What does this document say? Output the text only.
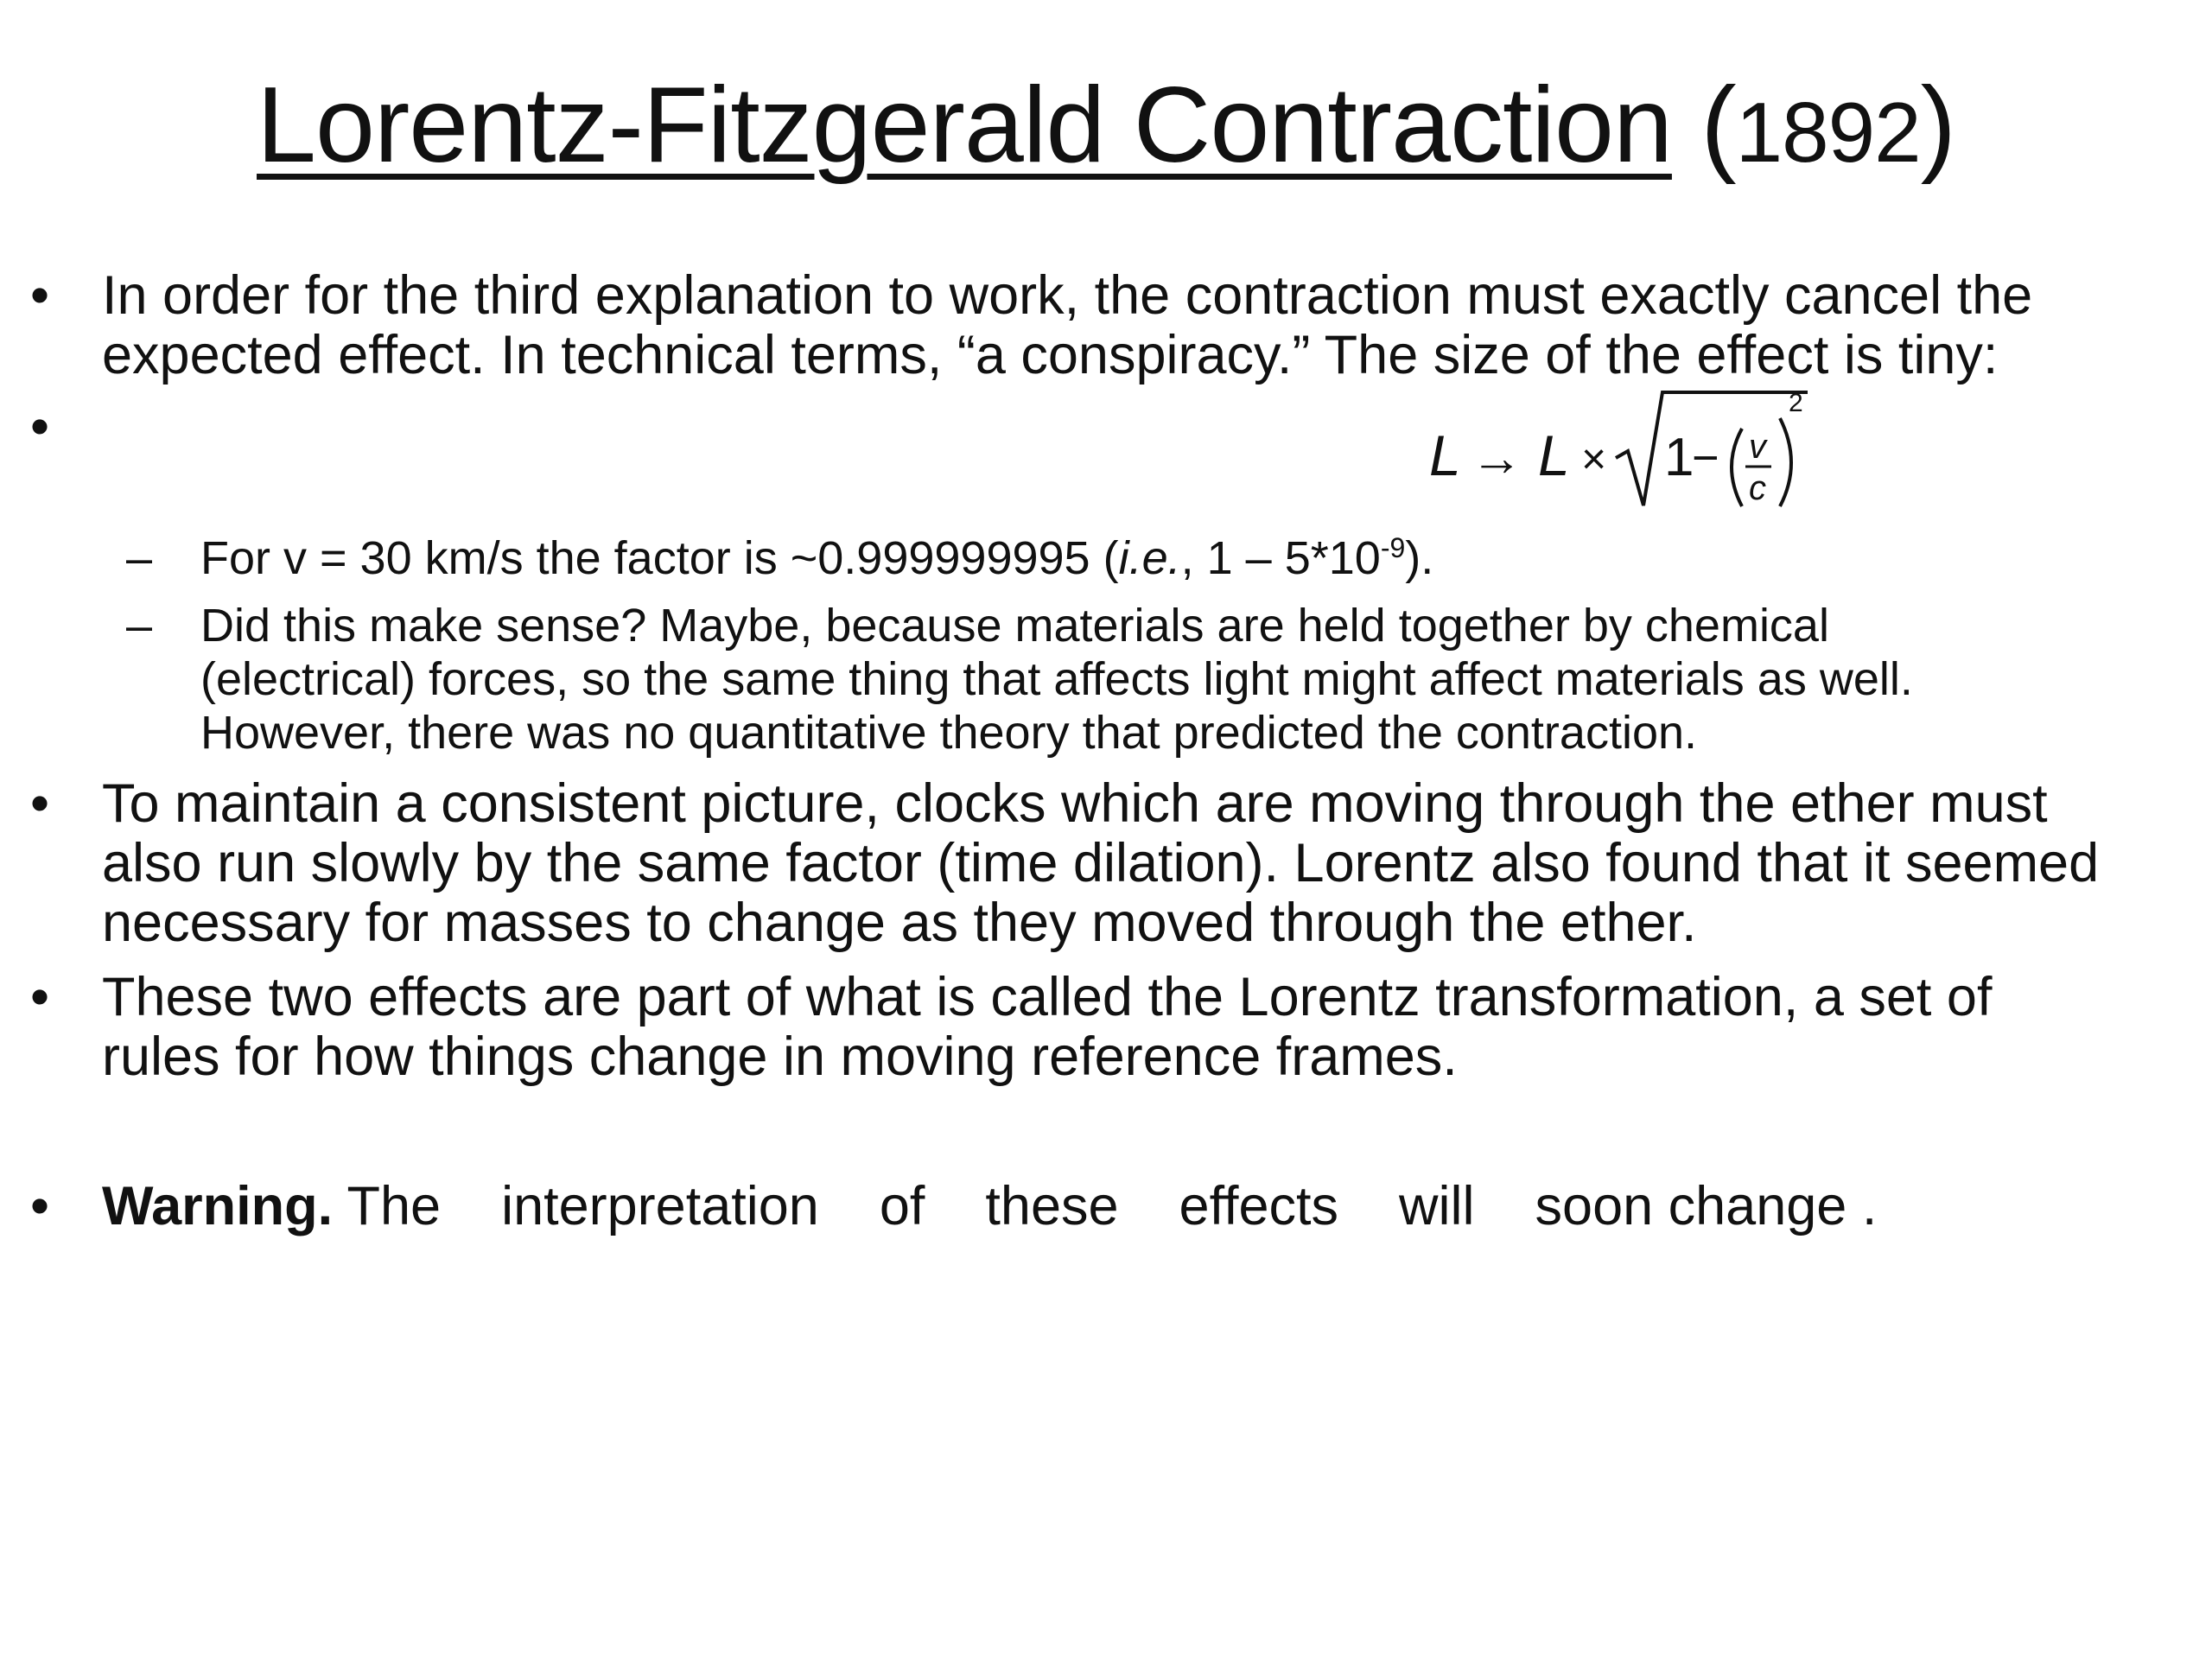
Lorentz-Fitzgerald Contraction (1892)
• In order for the third explanation to work, the contraction must exactly cancel the
expected effect. In technical terms, “a conspiracy.” The size of the effect is tiny:
•	L → L × 1
− v
c
2
– For v = 30 km/s the factor is ~0.999999995 (i.e., $1 - 5*10^{-9}$).
– Did this make sense? Maybe, because materials are held together by chemical
(electrical) forces, so the same thing that affects light might affect materials as well.
However, there was no quantitative theory that predicted the contraction.
• To maintain a consistent picture, clocks which are moving through the ether must
also run slowly by the same factor (time dilation). Lorentz also found that it seemed
necessary for masses to change as they moved through the ether.
• These two effects are part of what is called the Lorentz transformation, a set of
rules for how things change in moving reference frames.
• Warning. The interpretation of these effects will soon change .
